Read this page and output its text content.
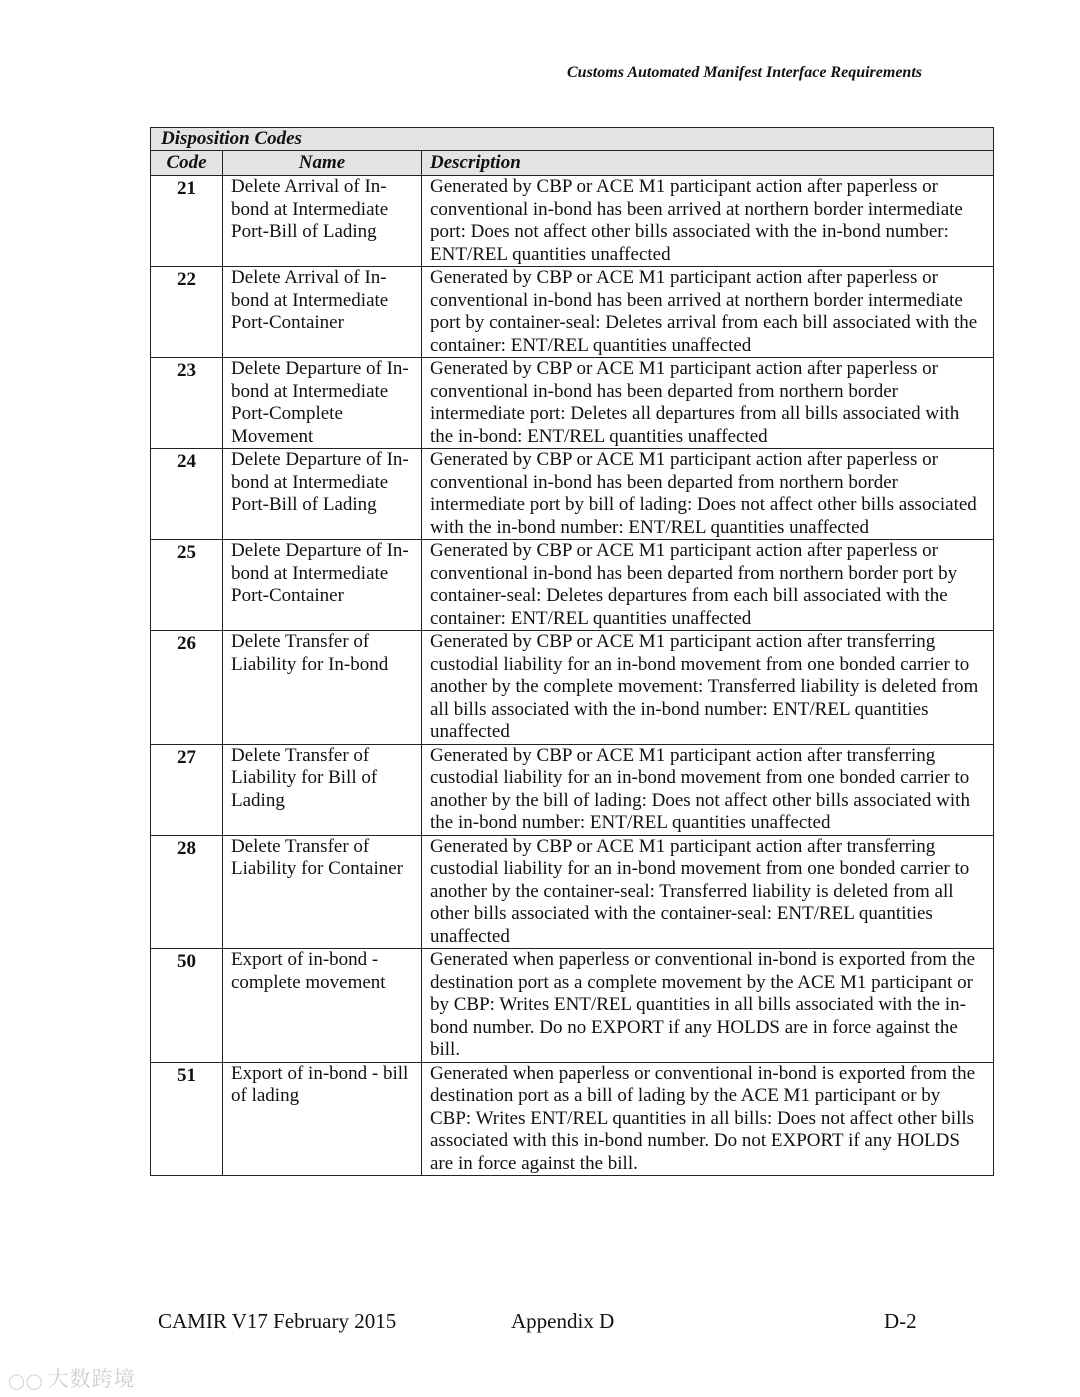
Customs Automated Manifest Interface Requirements
Disposition Codes		
Code	Name	Description
21	Delete Arrival of In-bond at Intermediate Port-Bill of Lading	Generated by CBP or ACE M1 participant action after paperless or conventional in-bond has been arrived at northern border intermediate port: Does not affect other bills associated with the in-bond number: ENT/REL quantities unaffected
22	Delete Arrival of In-bond at Intermediate Port-Container	Generated by CBP or ACE M1 participant action after paperless or conventional in-bond has been arrived at northern border intermediate port by container-seal: Deletes arrival from each bill associated with the container: ENT/REL quantities unaffected
23	Delete Departure of In-bond at Intermediate Port-Complete Movement	Generated by CBP or ACE M1 participant action after paperless or conventional in-bond has been departed from northern border intermediate port: Deletes all departures from all bills associated with the in-bond: ENT/REL quantities unaffected
24	Delete Departure of In-bond at Intermediate Port-Bill of Lading	Generated by CBP or ACE M1 participant action after paperless or conventional in-bond has been departed from northern border intermediate port by bill of lading: Does not affect other bills associated with the in-bond number: ENT/REL quantities unaffected
25	Delete Departure of In-bond at Intermediate Port-Container	Generated by CBP or ACE M1 participant action after paperless or conventional in-bond has been departed from northern border port by container-seal: Deletes departures from each bill associated with the container: ENT/REL quantities unaffected
26	Delete Transfer of Liability for In-bond	Generated by CBP or ACE M1 participant action after transferring custodial liability for an in-bond movement from one bonded carrier to another by the complete movement: Transferred liability is deleted from all bills associated with the in-bond number: ENT/REL quantities unaffected
27	Delete Transfer of Liability for Bill of Lading	Generated by CBP or ACE M1 participant action after transferring custodial liability for an in-bond movement from one bonded carrier to another by the bill of lading: Does not affect other bills associated with the in-bond number: ENT/REL quantities unaffected
28	Delete Transfer of Liability for Container	Generated by CBP or ACE M1 participant action after transferring custodial liability for an in-bond movement from one bonded carrier to another by the container-seal: Transferred liability is deleted from all other bills associated with the container-seal: ENT/REL quantities unaffected
50	Export of in-bond - complete movement	Generated when paperless or conventional in-bond is exported from the destination port as a complete movement by the ACE M1 participant or by CBP: Writes ENT/REL quantities in all bills associated with the in-bond number. Do no EXPORT if any HOLDS are in force against the bill.
51	Export of in-bond - bill of lading	Generated when paperless or conventional in-bond is exported from the destination port as a bill of lading by the ACE M1 participant or by CBP: Writes ENT/REL quantities in all bills: Does not affect other bills associated with this in-bond number. Do not EXPORT if any HOLDS are in force against the bill.
CAMIR V17 February 2015	Appendix D	D-2
◯◯ 大数跨境
